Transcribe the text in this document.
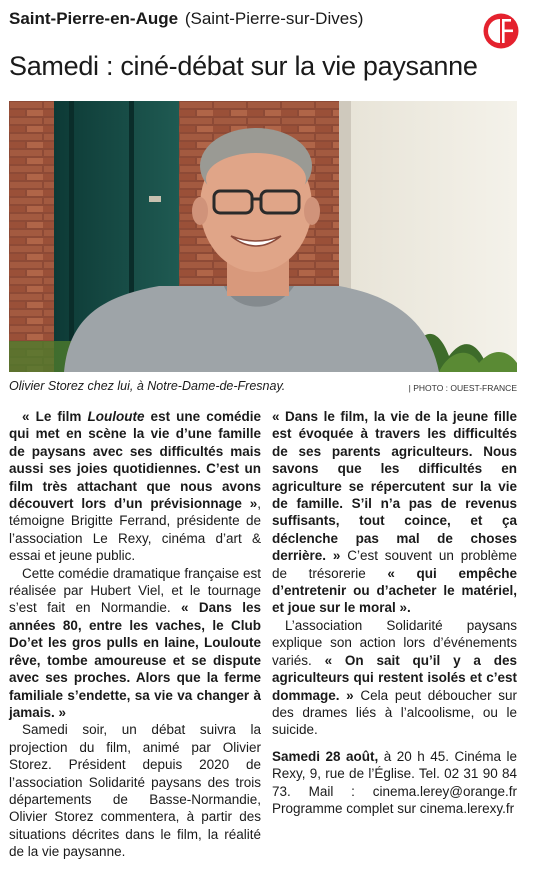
Saint-Pierre-en-Auge (Saint-Pierre-sur-Dives)
Samedi : ciné-débat sur la vie paysanne
Olivier Storez chez lui, à Notre-Dame-de-Fresnay.	| PHOTO : OUEST-FRANCE

« Le film Louloute est une comédie qui met en scène la vie d’une famille de paysans avec ses difficultés mais aussi ses joies quotidiennes. C’est un film très attachant que nous avons découvert lors d’un prévisionnage », témoigne Brigitte Ferrand, présidente de l’association Le Rexy, cinéma d’art & essai et jeune public.

Cette comédie dramatique française est réalisée par Hubert Viel, et le tournage s’est fait en Normandie. « Dans les années 80, entre les vaches, le Club Do’et les gros pulls en laine, Louloute rêve, tombe amoureuse et se dispute avec ses proches. Alors que la ferme familiale s’endette, sa vie va changer à jamais. »

Samedi soir, un débat suivra la projection du film, animé par Olivier Storez. Président depuis 2020 de l’association Solidarité paysans des trois départements de Basse-Normandie, Olivier Storez commentera, à partir des situations décrites dans le film, la réalité de la vie paysanne.

« Dans le film, la vie de la jeune fille est évoquée à travers les difficultés de ses parents agriculteurs. Nous savons que les difficultés en agriculture se répercutent sur la vie de famille. S’il n’a pas de revenus suffisants, tout coince, et ça déclenche pas mal de choses derrière. » C’est souvent un problème de trésorerie « qui empêche d’entretenir ou d’acheter le matériel, et joue sur le moral ».

L’association Solidarité paysans explique son action lors d’événements variés. « On sait qu’il y a des agriculteurs qui restent isolés et c’est dommage. » Cela peut déboucher sur des drames liés à l’alcoolisme, ou le suicide.

Samedi 28 août, à 20 h 45. Cinéma le Rexy, 9, rue de l’Église. Tel. 02 31 90 84 73. Mail : cinema.lerey@orange.fr Programme complet sur cinema.lerexy.fr
